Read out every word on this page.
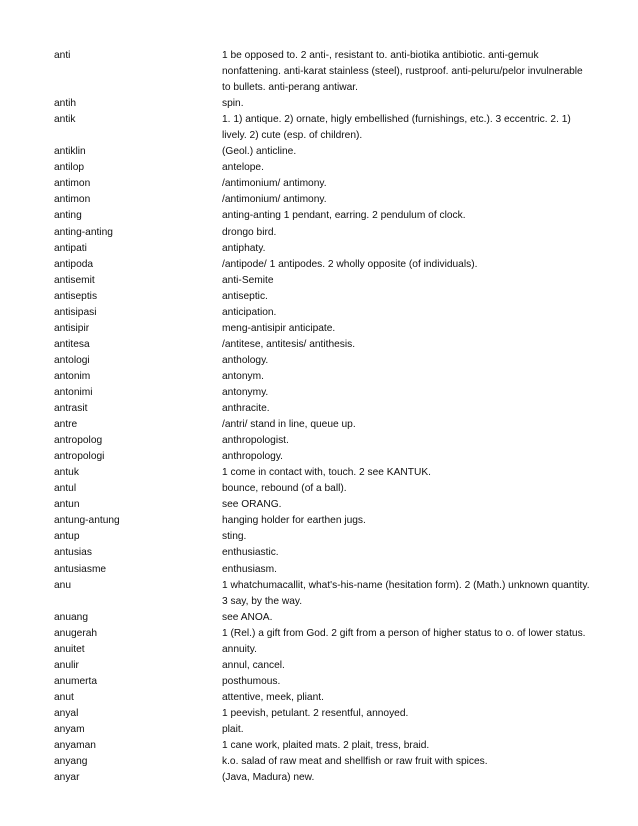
anti	1 be opposed to. 2 anti-, resistant to. anti-biotika antibiotic. anti-gemuk nonfattening. anti-karat stainless (steel), rustproof. anti-peluru/pelor invulnerable to bullets. anti-perang antiwar.
antih	spin.
antik	1. 1) antique. 2) ornate, higly embellished (furnishings, etc.). 3 eccentric. 2. 1) lively. 2) cute (esp. of children).
antiklin	(Geol.) anticline.
antilop	antelope.
antimon	/antimonium/ antimony.
antimon	/antimonium/ antimony.
anting	anting-anting 1 pendant, earring. 2 pendulum of clock.
anting-anting	drongo bird.
antipati	antiphaty.
antipoda	/antipode/ 1 antipodes. 2 wholly opposite (of individuals).
antisemit	anti-Semite
antiseptis	antiseptic.
antisipasi	anticipation.
antisipir	meng-antisipir anticipate.
antitesa	/antitese, antitesis/ antithesis.
antologi	anthology.
antonim	antonym.
antonimi	antonymy.
antrasit	anthracite.
antre	/antri/ stand in line, queue up.
antropolog	anthropologist.
antropologi	anthropology.
antuk	1 come in contact with, touch. 2 see KANTUK.
antul	bounce, rebound (of a ball).
antun	see ORANG.
antung-antung	hanging holder for earthen jugs.
antup	sting.
antusias	enthusiastic.
antusiasme	enthusiasm.
anu	1 whatchumacallit, what's-his-name (hesitation form). 2 (Math.) unknown quantity. 3 say, by the way.
anuang	see ANOA.
anugerah	1 (Rel.) a gift from God. 2 gift from a person of higher status to o. of lower status.
anuitet	annuity.
anulir	annul, cancel.
anumerta	posthumous.
anut	attentive, meek, pliant.
anyal	1 peevish, petulant. 2 resentful, annoyed.
anyam	plait.
anyaman	1 cane work, plaited mats. 2 plait, tress, braid.
anyang	k.o. salad of raw meat and shellfish or raw fruit with spices.
anyar	(Java, Madura) new.
